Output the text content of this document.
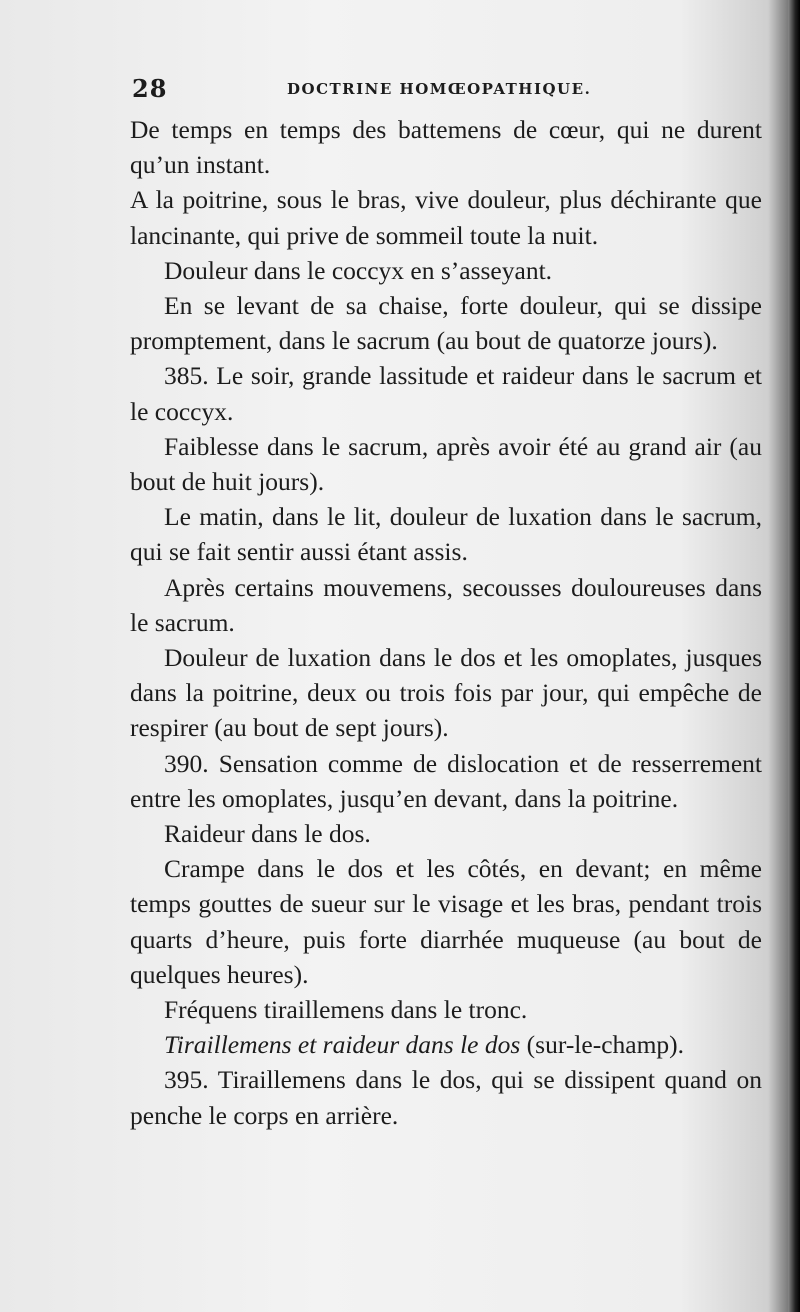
28	DOCTRINE HOMŒOPATHIQUE.

De temps en temps des battemens de cœur, qui ne durent qu’un instant.

A la poitrine, sous le bras, vive douleur, plus déchirante que lancinante, qui prive de sommeil toute la nuit.

Douleur dans le coccyx en s’asseyant.

En se levant de sa chaise, forte douleur, qui se dissipe promptement, dans le sacrum (au bout de quatorze jours).

385. Le soir, grande lassitude et raideur dans le sacrum et le coccyx.

Faiblesse dans le sacrum, après avoir été au grand air (au bout de huit jours).

Le matin, dans le lit, douleur de luxation dans le sacrum, qui se fait sentir aussi étant assis.

Après certains mouvemens, secousses douloureuses dans le sacrum.

Douleur de luxation dans le dos et les omoplates, jusques dans la poitrine, deux ou trois fois par jour, qui empêche de respirer (au bout de sept jours).

390. Sensation comme de dislocation et de resserrement entre les omoplates, jusqu’en devant, dans la poitrine.

Raideur dans le dos.

Crampe dans le dos et les côtés, en devant; en même temps gouttes de sueur sur le visage et les bras, pendant trois quarts d’heure, puis forte diarrhée muqueuse (au bout de quelques heures).

Fréquens tiraillemens dans le tronc.

Tiraillemens et raideur dans le dos (sur-le-champ).

395. Tiraillemens dans le dos, qui se dissipent quand on penche le corps en arrière.
